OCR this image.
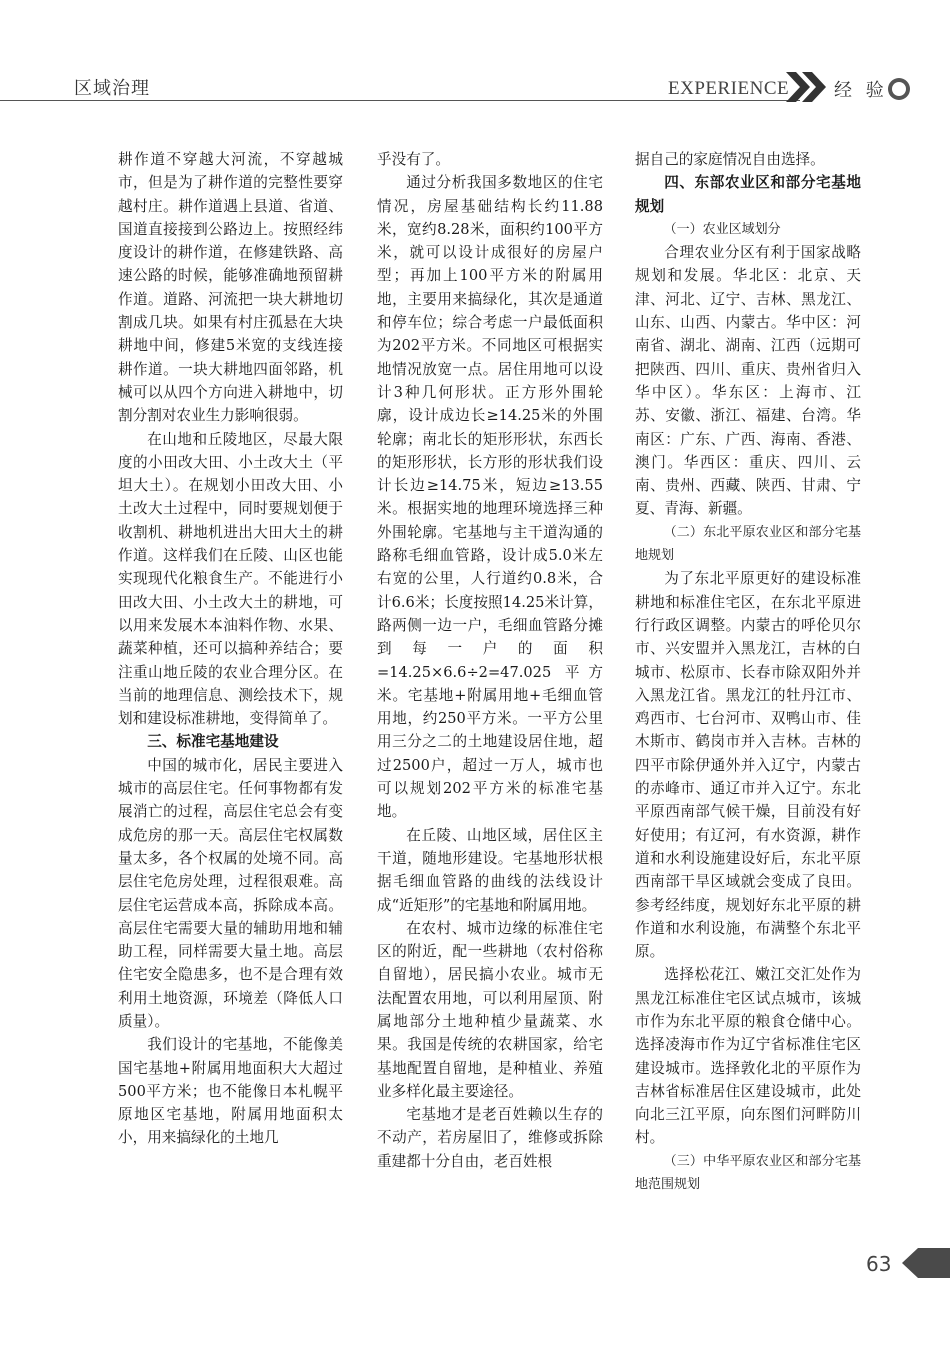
区域治理	EXPERIENCE 经 验

耕作道不穿越大河流，不穿越城市，但是为了耕作道的完整性要穿越村庄。耕作道遇上县道、省道、国道直接接到公路边上。按照经纬度设计的耕作道，在修建铁路、高速公路的时候，能够准确地预留耕作道。道路、河流把一块大耕地切割成几块。如果有村庄孤悬在大块耕地中间，修建5米宽的支线连接耕作道。一块大耕地四面邻路，机械可以从四个方向进入耕地中，切割分割对农业生力影响很弱。

在山地和丘陵地区，尽最大限度的小田改大田、小土改大土（平坦大土）。在规划小田改大田、小土改大土过程中，同时要规划便于收割机、耕地机进出大田大土的耕作道。这样我们在丘陵、山区也能实现现代化粮食生产。不能进行小田改大田、小土改大土的耕地，可以用来发展木本油料作物、水果、蔬菜种植，还可以搞种养结合；要注重山地丘陵的农业合理分区。在当前的地理信息、测绘技术下，规划和建设标准耕地，变得简单了。

三、标准宅基地建设

中国的城市化，居民主要进入城市的高层住宅。任何事物都有发展消亡的过程，高层住宅总会有变成危房的那一天。高层住宅权属数量太多，各个权属的处境不同。高层住宅危房处理，过程很艰难。高层住宅运营成本高，拆除成本高。高层住宅需要大量的辅助用地和辅助工程，同样需要大量土地。高层住宅安全隐患多，也不是合理有效利用土地资源，环境差（降低人口质量）。

我们设计的宅基地，不能像美国宅基地+附属用地面积大大超过500平方米；也不能像日本札幌平原地区宅基地，附属用地面积太小，用来搞绿化的土地几

乎没有了。

通过分析我国多数地区的住宅情况，房屋基础结构长约11.88米，宽约8.28米，面积约100平方米，就可以设计成很好的房屋户型；再加上100平方米的附属用地，主要用来搞绿化，其次是通道和停车位；综合考虑一户最低面积为202平方米。不同地区可根据实地情况放宽一点。居住用地可以设计3种几何形状。正方形外围轮廓，设计成边长≥14.25米的外围轮廓；南北长的矩形形状，东西长的矩形形状，长方形的形状我们设计长边≥14.75米，短边≥13.55米。根据实地的地理环境选择三种外围轮廓。宅基地与主干道沟通的路称毛细血管路，设计成5.0米左右宽的公里，人行道约0.8米，合计6.6米；长度按照14.25米计算，路两侧一边一户，毛细血管路分摊到每一户的面积=14.25×6.6÷2=47.025 平方米。宅基地+附属用地+毛细血管用地，约250平方米。一平方公里用三分之二的土地建设居住地，超过2500户，超过一万人，城市也可以规划202平方米的标准宅基地。

在丘陵、山地区域，居住区主干道，随地形建设。宅基地形状根据毛细血管路的曲线的法线设计成“近矩形”的宅基地和附属用地。

在农村、城市边缘的标准住宅区的附近，配一些耕地（农村俗称自留地），居民搞小农业。城市无法配置农用地，可以利用屋顶、附属地部分土地种植少量蔬菜、水果。我国是传统的农耕国家，给宅基地配置自留地，是种植业、养殖业多样化最主要途径。

宅基地才是老百姓赖以生存的不动产，若房屋旧了，维修或拆除重建都十分自由，老百姓根

据自己的家庭情况自由选择。

四、东部农业区和部分宅基地规划

（一）农业区域划分

合理农业分区有利于国家战略规划和发展。华北区：北京、天津、河北、辽宁、吉林、黑龙江、山东、山西、内蒙古。华中区：河南省、湖北、湖南、江西（远期可把陕西、四川、重庆、贵州省归入华中区）。华东区：上海市、江苏、安徽、浙江、福建、台湾。华南区：广东、广西、海南、香港、澳门。华西区：重庆、四川、云南、贵州、西藏、陕西、甘肃、宁夏、青海、新疆。

（二）东北平原农业区和部分宅基地规划

为了东北平原更好的建设标准耕地和标准住宅区，在东北平原进行行政区调整。内蒙古的呼伦贝尔市、兴安盟并入黑龙江，吉林的白城市、松原市、长春市除双阳外并入黑龙江省。黑龙江的牡丹江市、鸡西市、七台河市、双鸭山市、佳木斯市、鹤岗市并入吉林。吉林的四平市除伊通外并入辽宁，内蒙古的赤峰市、通辽市并入辽宁。东北平原西南部气候干燥，目前没有好好使用；有辽河，有水资源，耕作道和水利设施建设好后，东北平原西南部干旱区域就会变成了良田。参考经纬度，规划好东北平原的耕作道和水利设施，布满整个东北平原。

选择松花江、嫩江交汇处作为黑龙江标准住宅区试点城市，该城市作为东北平原的粮食仓储中心。选择凌海市作为辽宁省标准住宅区建设城市。选择敦化北的平原作为吉林省标准居住区建设城市，此处向北三江平原，向东图们河畔防川村。

（三）中华平原农业区和部分宅基地范围规划

63
